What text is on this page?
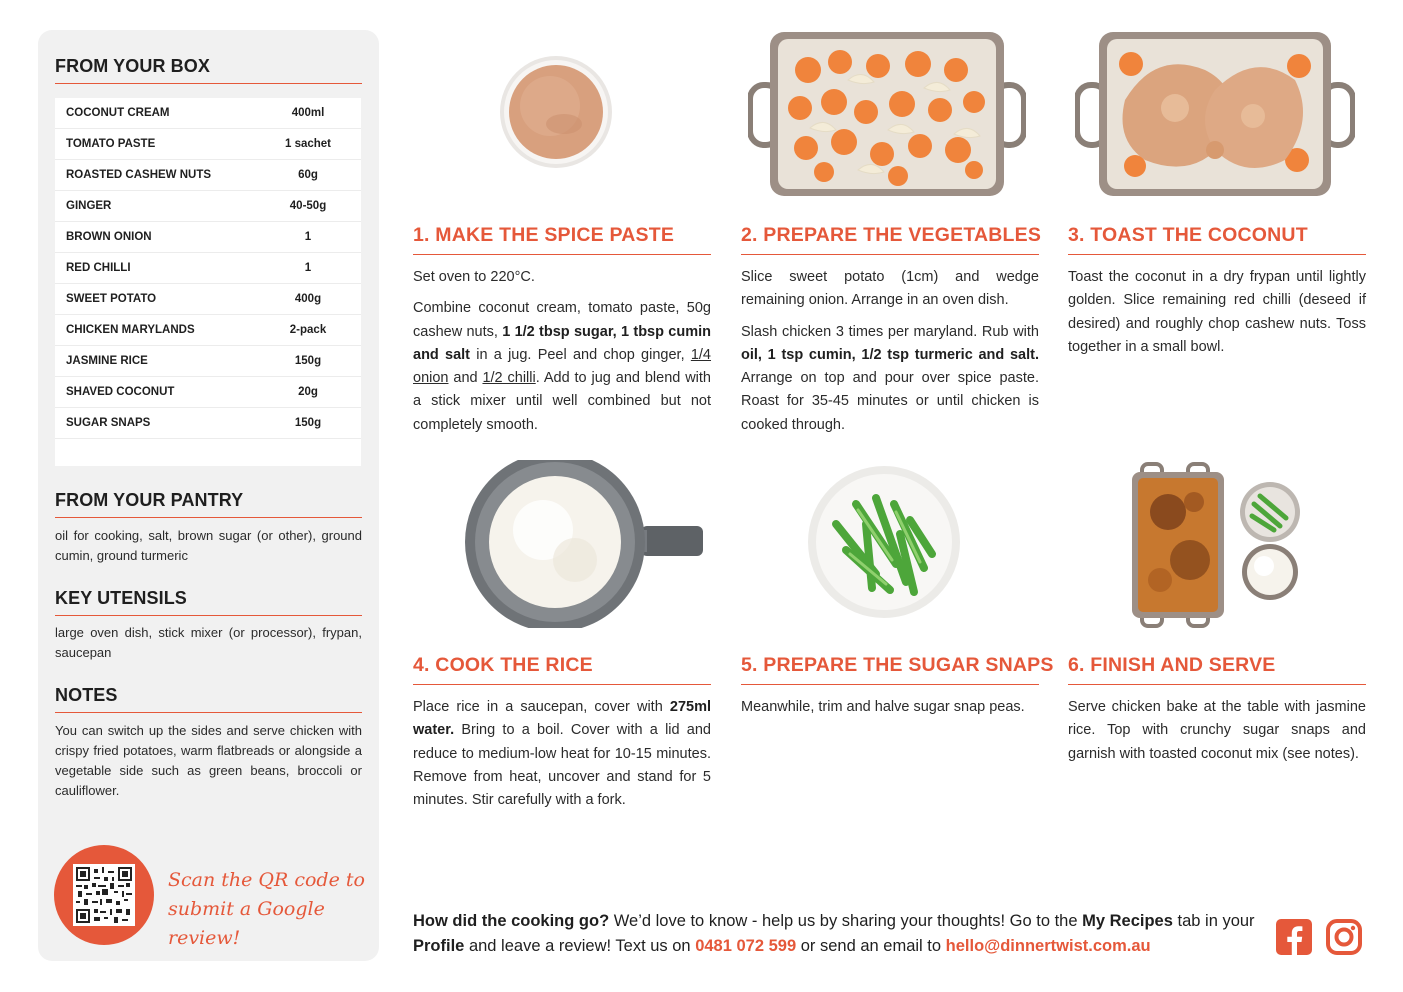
FROM YOUR BOX
COCONUT CREAM	400ml
TOMATO PASTE	1 sachet
ROASTED CASHEW NUTS	60g
GINGER	40-50g
BROWN ONION	1
RED CHILLI	1
SWEET POTATO	400g
CHICKEN MARYLANDS	2-pack
JASMINE RICE	150g
SHAVED COCONUT	20g
SUGAR SNAPS	150g
FROM YOUR PANTRY
oil for cooking, salt, brown sugar (or other), ground cumin, ground turmeric
KEY UTENSILS
large oven dish, stick mixer (or processor), frypan, saucepan
NOTES
You can switch up the sides and serve chicken with crispy fried potatoes, warm flatbreads or alongside a vegetable side such as green beans, broccoli or cauliflower.
Scan the QR code to
submit a Google review!
1. MAKE THE SPICE PASTE

Set oven to 220°C.

Combine coconut cream, tomato paste, 50g cashew nuts, 1 1/2 tbsp sugar, 1 tbsp cumin and salt in a jug. Peel and chop ginger, 1/4 onion and 1/2 chilli. Add to jug and blend with a stick mixer until well combined but not completely smooth.

2. PREPARE THE VEGETABLES

Slice sweet potato (1cm) and wedge remaining onion. Arrange in an oven dish.

Slash chicken 3 times per maryland. Rub with oil, 1 tsp cumin, 1/2 tsp turmeric and salt. Arrange on top and pour over spice paste. Roast for 35-45 minutes or until chicken is cooked through.

3. TOAST THE COCONUT

Toast the coconut in a dry frypan until lightly golden. Slice remaining red chilli (deseed if desired) and roughly chop cashew nuts. Toss together in a small bowl.

4. COOK THE RICE

Place rice in a saucepan, cover with 275ml water. Bring to a boil. Cover with a lid and reduce to medium-low heat for 10-15 minutes. Remove from heat, uncover and stand for 5 minutes. Stir carefully with a fork.

5. PREPARE THE SUGAR SNAPS

Meanwhile, trim and halve sugar snap peas.

6. FINISH AND SERVE

Serve chicken bake at the table with jasmine rice. Top with crunchy sugar snaps and garnish with toasted coconut mix (see notes).

How did the cooking go? We’d love to know - help us by sharing your thoughts! Go to the My Recipes tab in your Profile and leave a review! Text us on 0481 072 599 or send an email to hello@dinnertwist.com.au
